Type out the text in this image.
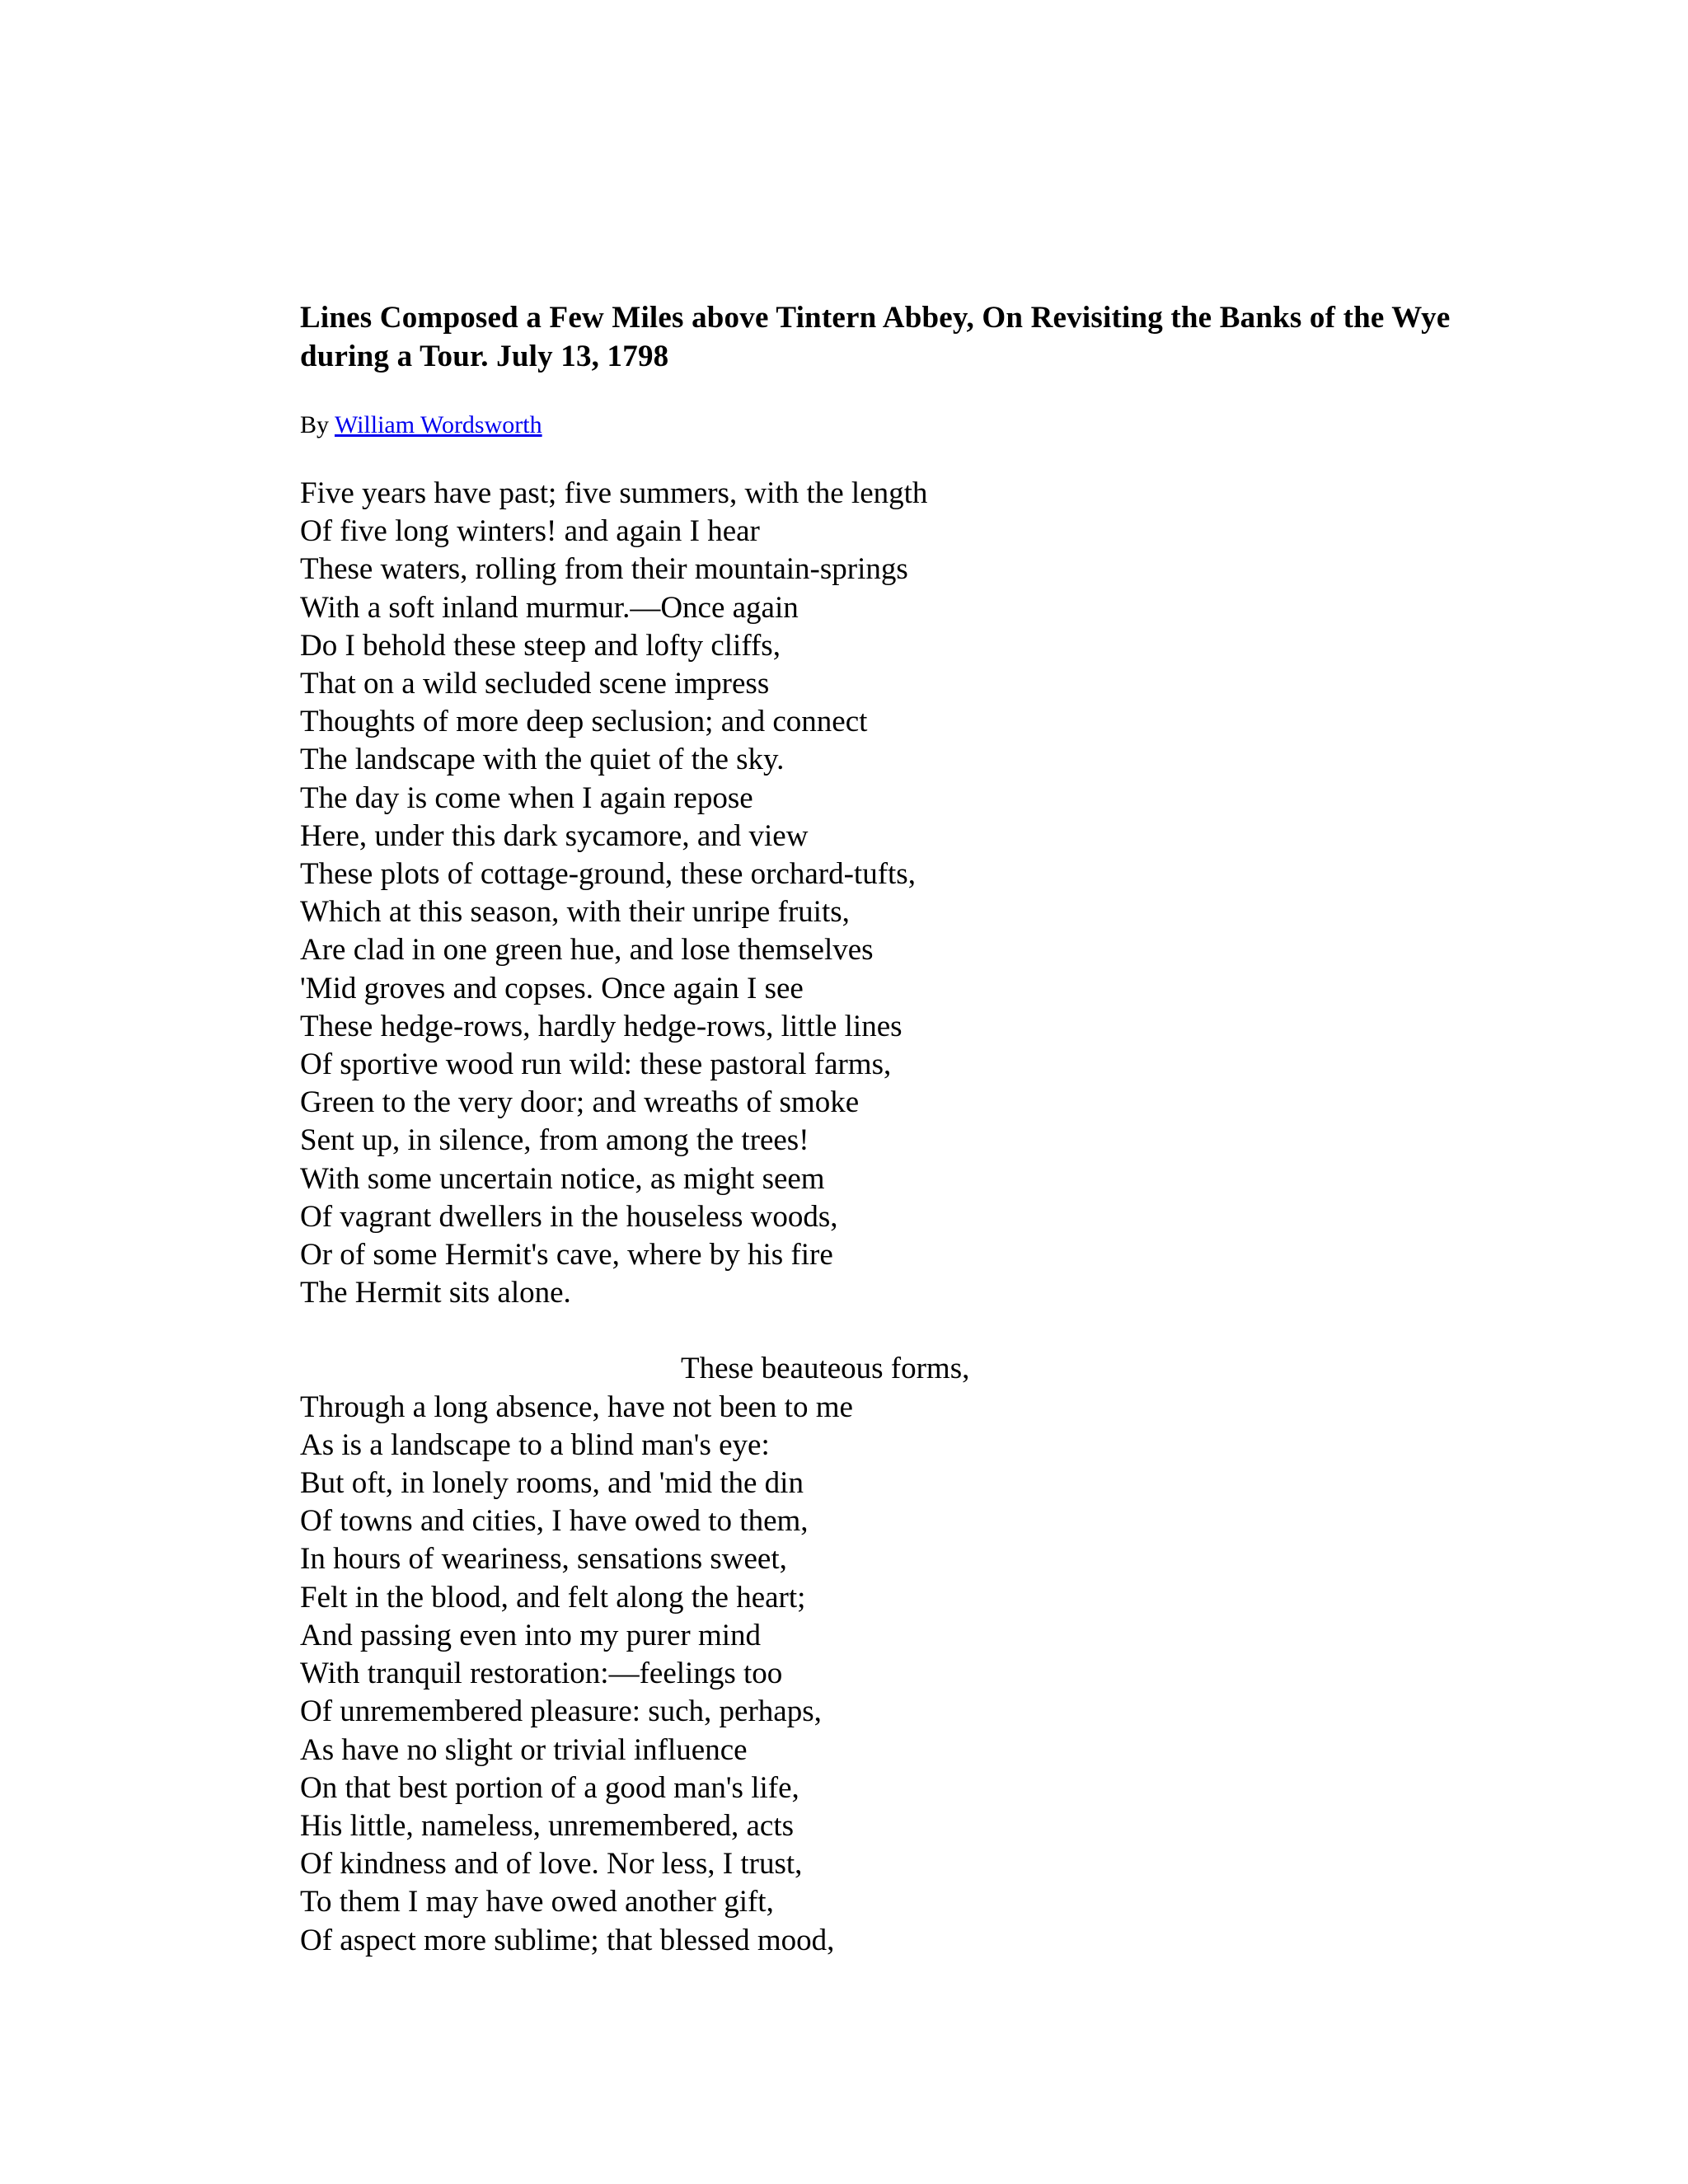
Lines Composed a Few Miles above Tintern Abbey, On Revisiting the Banks of the Wye during a Tour. July 13, 1798
By William Wordsworth
Five years have past; five summers, with the length
Of five long winters! and again I hear
These waters, rolling from their mountain-springs
With a soft inland murmur.—Once again
Do I behold these steep and lofty cliffs,
That on a wild secluded scene impress
Thoughts of more deep seclusion; and connect
The landscape with the quiet of the sky.
The day is come when I again repose
Here, under this dark sycamore, and view
These plots of cottage-ground, these orchard-tufts,
Which at this season, with their unripe fruits,
Are clad in one green hue, and lose themselves
'Mid groves and copses. Once again I see
These hedge-rows, hardly hedge-rows, little lines
Of sportive wood run wild: these pastoral farms,
Green to the very door; and wreaths of smoke
Sent up, in silence, from among the trees!
With some uncertain notice, as might seem
Of vagrant dwellers in the houseless woods,
Or of some Hermit's cave, where by his fire
The Hermit sits alone.
These beauteous forms,
Through a long absence, have not been to me
As is a landscape to a blind man's eye:
But oft, in lonely rooms, and 'mid the din
Of towns and cities, I have owed to them,
In hours of weariness, sensations sweet,
Felt in the blood, and felt along the heart;
And passing even into my purer mind
With tranquil restoration:—feelings too
Of unremembered pleasure: such, perhaps,
As have no slight or trivial influence
On that best portion of a good man's life,
His little, nameless, unremembered, acts
Of kindness and of love. Nor less, I trust,
To them I may have owed another gift,
Of aspect more sublime; that blessed mood,
